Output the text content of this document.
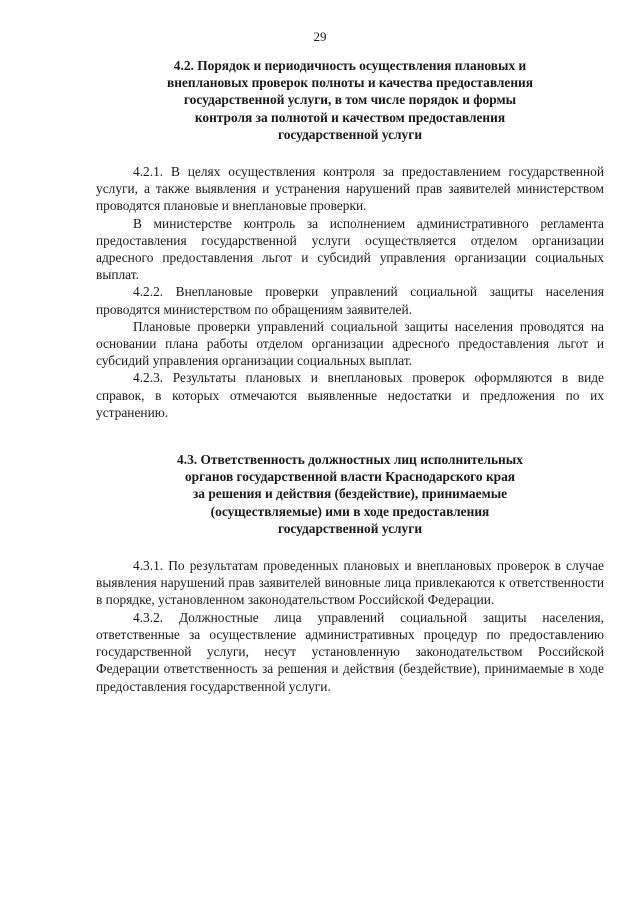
29
4.2. Порядок и периодичность осуществления плановых и
внеплановых проверок полноты и качества предоставления
государственной услуги, в том числе порядок и формы
контроля за полнотой и качеством предоставления
государственной услуги

4.2.1. В целях осуществления контроля за предоставлением государственной услуги, а также выявления и устранения нарушений прав заявителей министерством проводятся плановые и внеплановые проверки.

В министерстве контроль за исполнением административного регламента предоставления государственной услуги осуществляется отделом организации адресного предоставления льгот и субсидий управления организации социальных выплат.

4.2.2. Внеплановые проверки управлений социальной защиты населения проводятся министерством по обращениям заявителей.

Плановые проверки управлений социальной защиты населения проводятся на основании плана работы отделом организации адресного предоставления льгот и субсидий управления организации социальных выплат.

4.2.3. Результаты плановых и внеплановых проверок оформляются в виде справок, в которых отмечаются выявленные недостатки и предложения по их устранению.

4.3. Ответственность должностных лиц исполнительных
органов государственной власти Краснодарского края
за решения и действия (бездействие), принимаемые
(осуществляемые) ими в ходе предоставления
государственной услуги

4.3.1. По результатам проведенных плановых и внеплановых проверок в случае выявления нарушений прав заявителей виновные лица привлекаются к ответственности в порядке, установленном законодательством Российской Федерации.

4.3.2. Должностные лица управлений социальной защиты населения, ответственные за осуществление административных процедур по предоставлению государственной услуги, несут установленную законодательством Российской Федерации ответственность за решения и действия (бездействие), принимаемые в ходе предоставления государственной услуги.
